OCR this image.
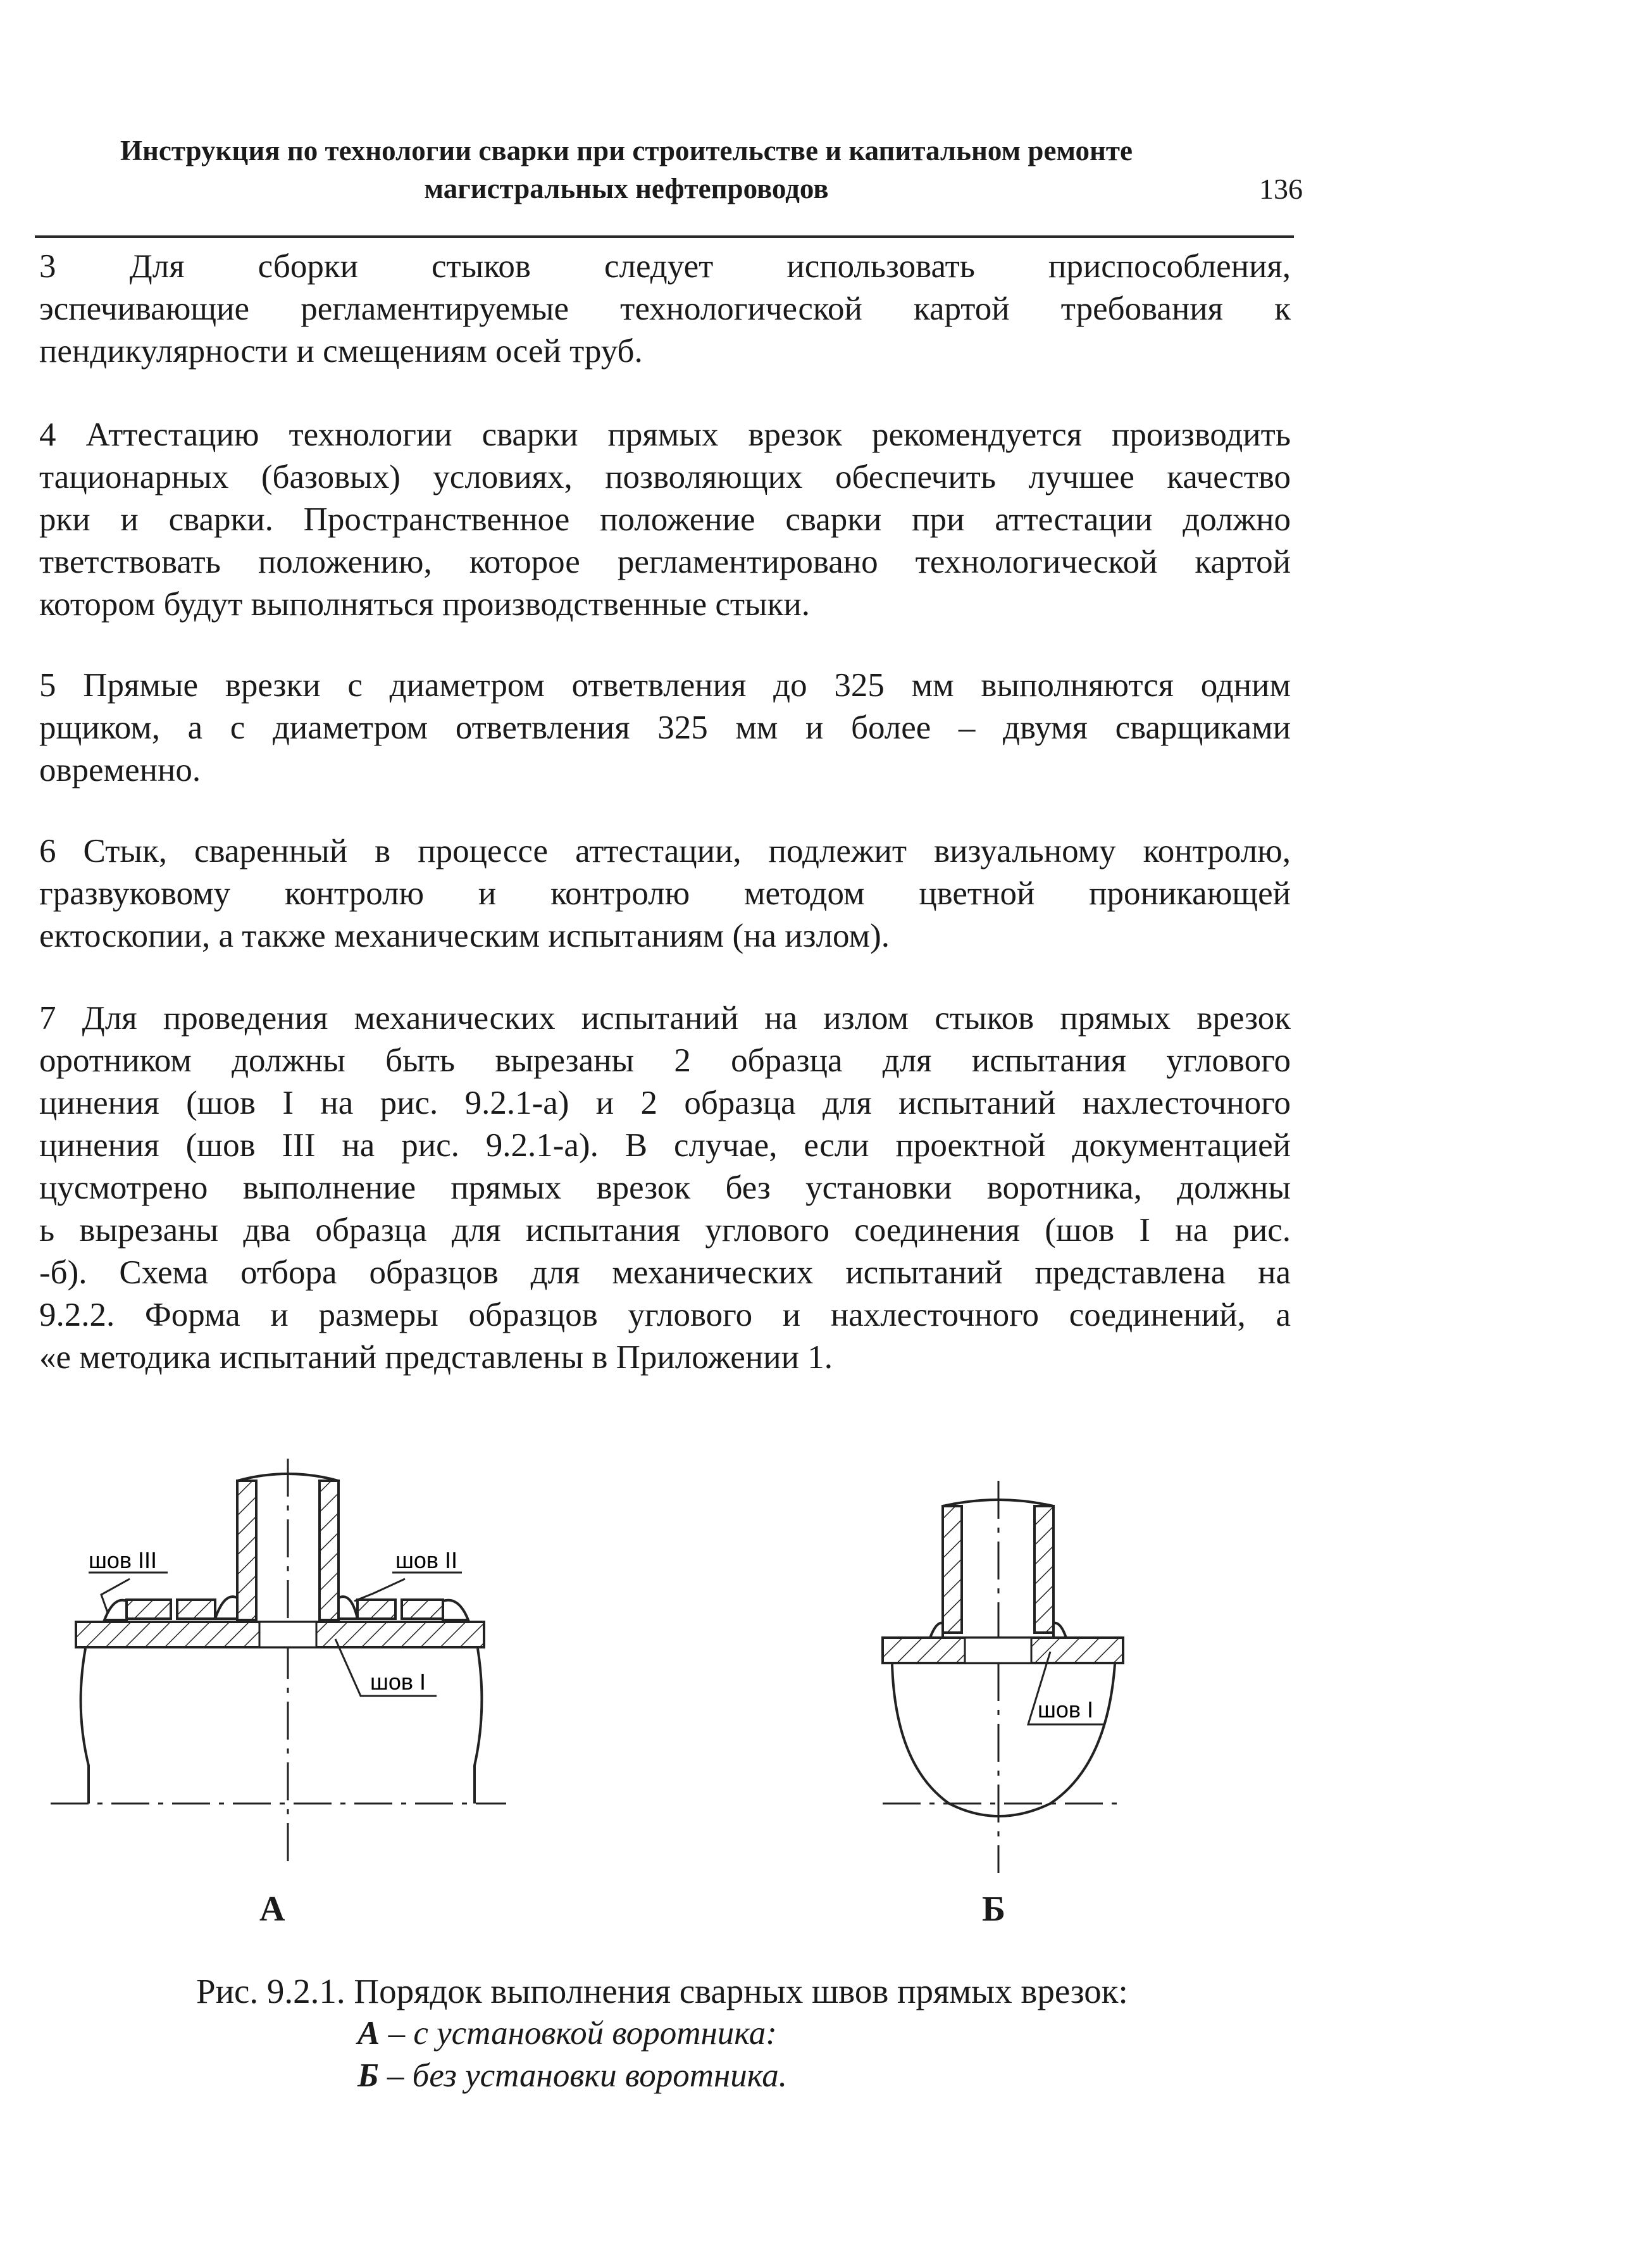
Инструкция по технологии сварки при строительстве и капитальном ремонте
магистральных нефтепроводов	136
3 Для сборки стыков следует использовать приспособления,
эспечивающие регламентируемые технологической картой требования к
пендикулярности и смещениям осей труб.
4 Аттестацию технологии сварки прямых врезок рекомендуется производить
тационарных (базовых) условиях, позволяющих обеспечить лучшее качество
рки и сварки. Пространственное положение сварки при аттестации должно
тветствовать положению, которое регламентировано технологической картой
котором будут выполняться производственные стыки.
5 Прямые врезки с диаметром ответвления до 325 мм выполняются одним
рщиком, а с диаметром ответвления 325 мм и более – двумя сварщиками
овременно.
6 Стык, сваренный в процессе аттестации, подлежит визуальному контролю,
гразвуковому контролю и контролю методом цветной проникающей
ектоскопии, а также механическим испытаниям (на излом).
7 Для проведения механических испытаний на излом стыков прямых врезок
оротником должны быть вырезаны 2 образца для испытания углового
цинения (шов I на рис. 9.2.1-а) и 2 образца для испытаний нахлесточного
цинения (шов III на рис. 9.2.1-а). В случае, если проектной документацией
цусмотрено выполнение прямых врезок без установки воротника, должны
ь вырезаны два образца для испытания углового соединения (шов I на рис.
-б). Схема отбора образцов для механических испытаний представлена на
9.2.2. Форма и размеры образцов углового и нахлесточного соединений, а
«е методика испытаний представлены в Приложении 1.
шов III	шов II
шов I
шов I
А	Б
Рис. 9.2.1. Порядок выполнения сварных швов прямых врезок:
А – с установкой воротника:
Б – без установки воротника.
